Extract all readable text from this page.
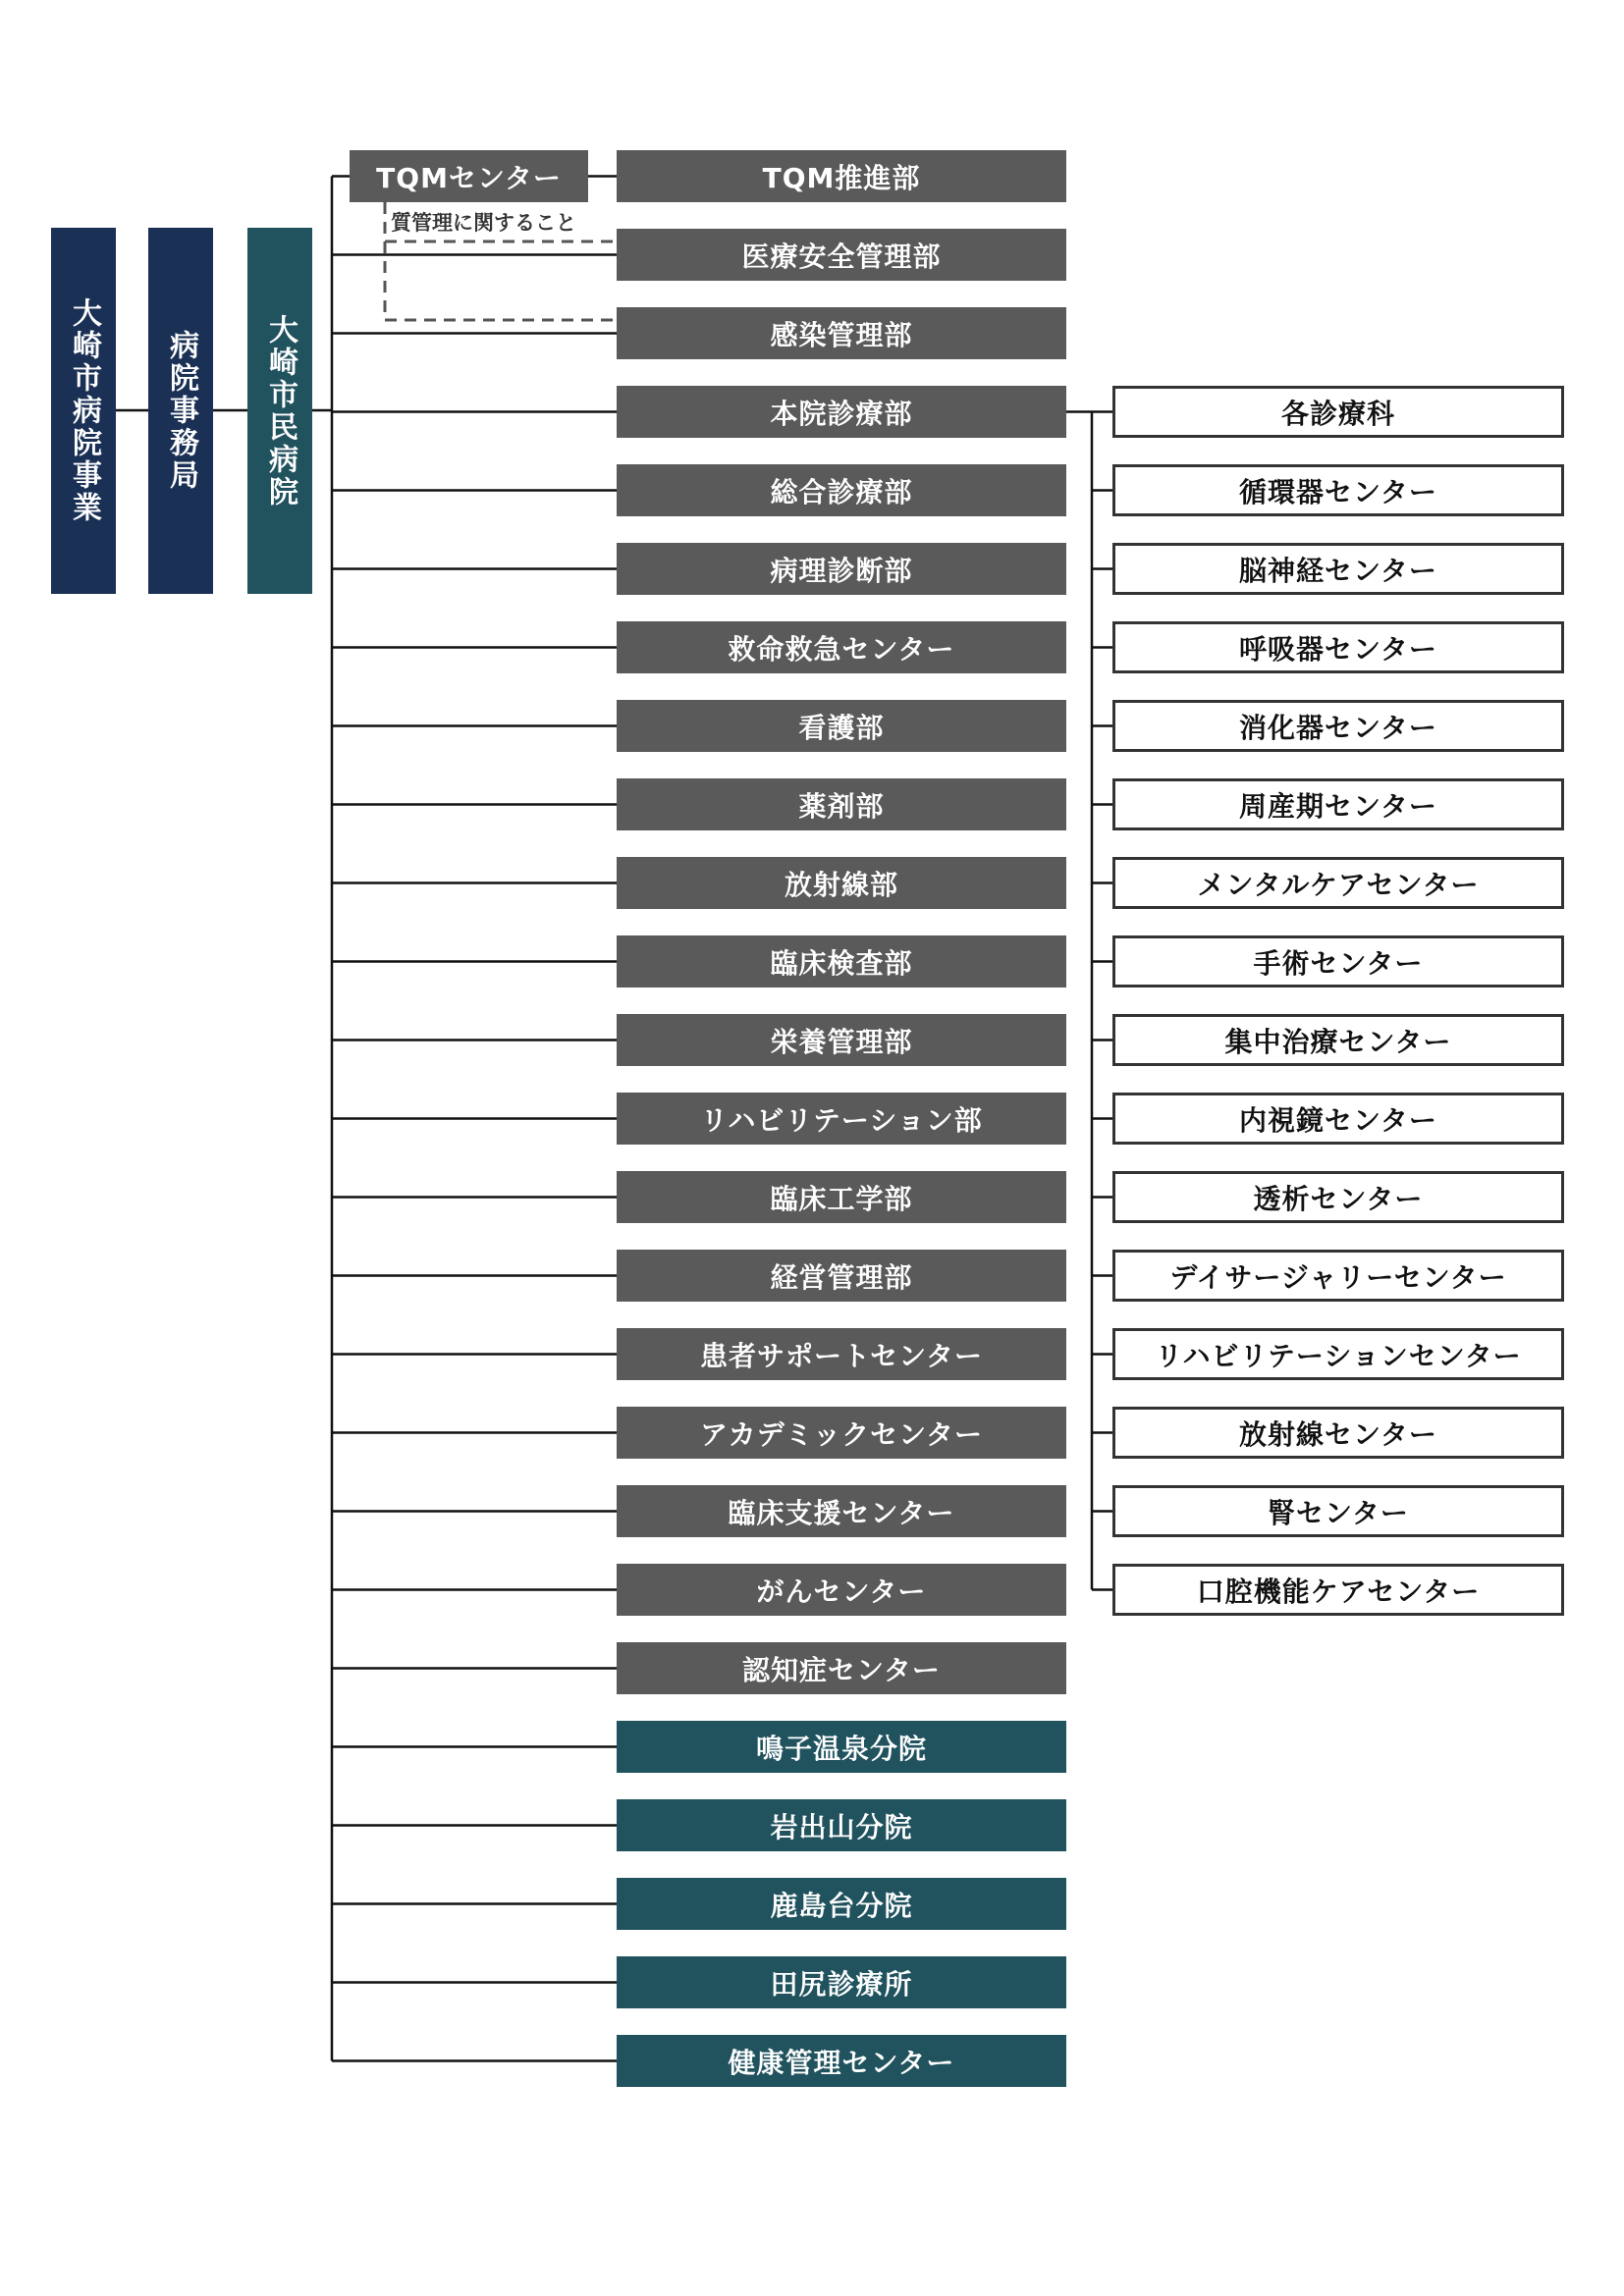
大崎市病院事業 病院事務局 大崎市民病院
TQMセンター
質管理に関すること
TQM推進部
医療安全管理部
感染管理部
本院診療部
総合診療部
病理診断部
救命救急センター
看護部
薬剤部
放射線部
臨床検査部
栄養管理部
リハビリテーション部
臨床工学部
経営管理部
患者サポートセンター
アカデミックセンター
臨床支援センター
がんセンター
認知症センター
鳴子温泉分院
岩出山分院
鹿島台分院
田尻診療所
健康管理センター
各診療科
循環器センター
脳神経センター
呼吸器センター
消化器センター
周産期センター
メンタルケアセンター
手術センター
集中治療センター
内視鏡センター
透析センター
デイサージャリーセンター
リハビリテーションセンター
放射線センター
腎センター
口腔機能ケアセンター
